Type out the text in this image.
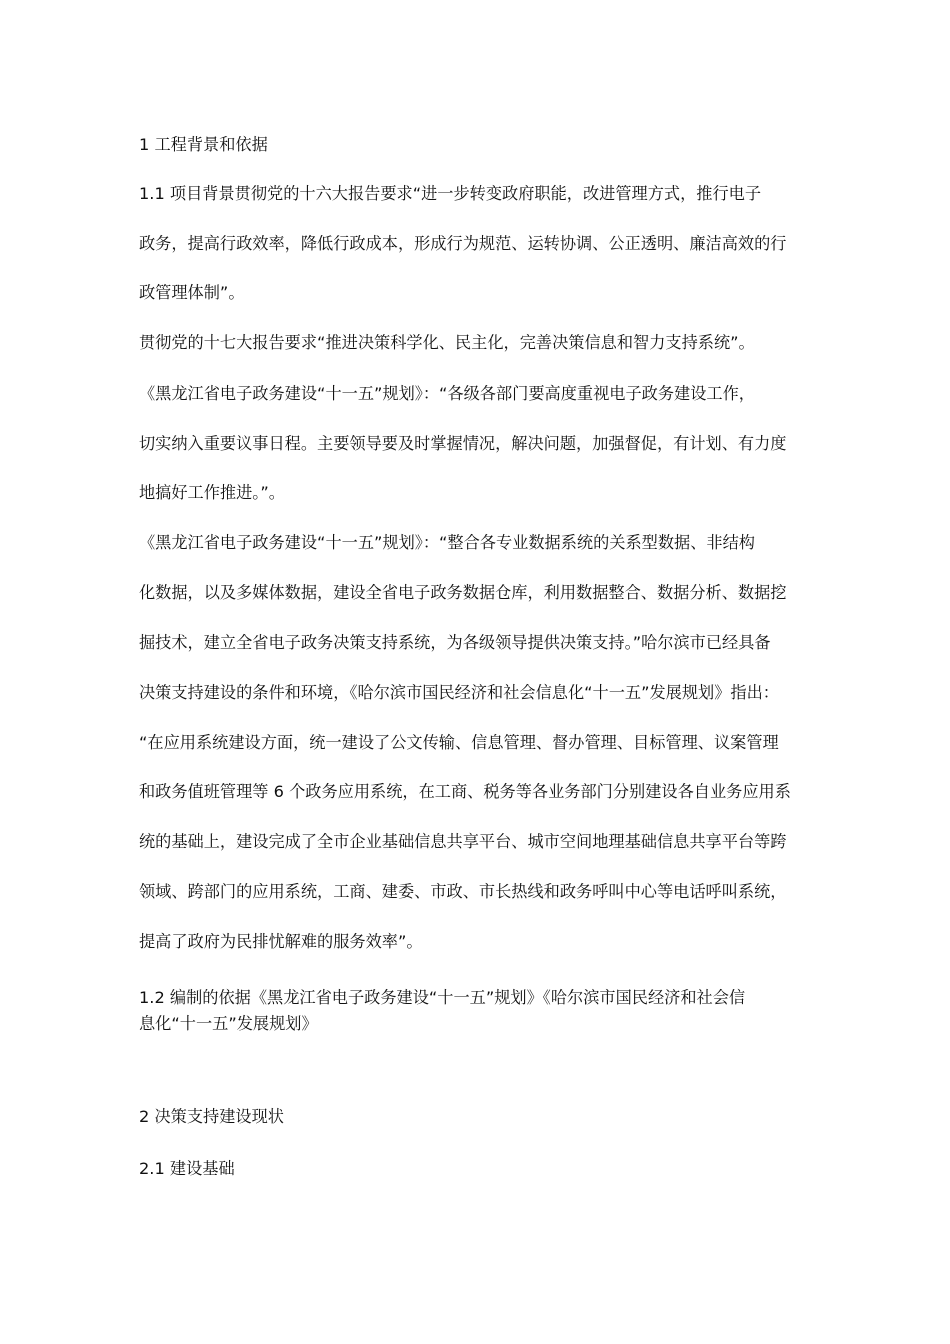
1 工程背景和依据
1.1 项目背景贯彻党的十六大报告要求“进一步转变政府职能，改进管理方式，推行电子
政务，提高行政效率，降低行政成本，形成行为规范、运转协调、公正透明、廉洁高效的行
政管理体制”。
贯彻党的十七大报告要求“推进决策科学化、民主化，完善决策信息和智力支持系统”。
《黑龙江省电子政务建设“十一五”规划》：“各级各部门要高度重视电子政务建设工作，
切实纳入重要议事日程。主要领导要及时掌握情况，解决问题，加强督促，有计划、有力度
地搞好工作推进。”。
《黑龙江省电子政务建设“十一五”规划》：“整合各专业数据系统的关系型数据、非结构
化数据，以及多媒体数据，建设全省电子政务数据仓库，利用数据整合、数据分析、数据挖
掘技术，建立全省电子政务决策支持系统，为各级领导提供决策支持。”哈尔滨市已经具备
决策支持建设的条件和环境，《哈尔滨市国民经济和社会信息化“十一五”发展规划》指出：
“在应用系统建设方面，统一建设了公文传输、信息管理、督办管理、目标管理、议案管理
和政务值班管理等 6 个政务应用系统，在工商、税务等各业务部门分别建设各自业务应用系
统的基础上，建设完成了全市企业基础信息共享平台、城市空间地理基础信息共享平台等跨
领域、跨部门的应用系统，工商、建委、市政、市长热线和政务呼叫中心等电话呼叫系统，
提高了政府为民排忧解难的服务效率”。
1.2 编制的依据《黑龙江省电子政务建设“十一五”规划》《哈尔滨市国民经济和社会信
息化“十一五”发展规划》
2 决策支持建设现状
2.1 建设基础
